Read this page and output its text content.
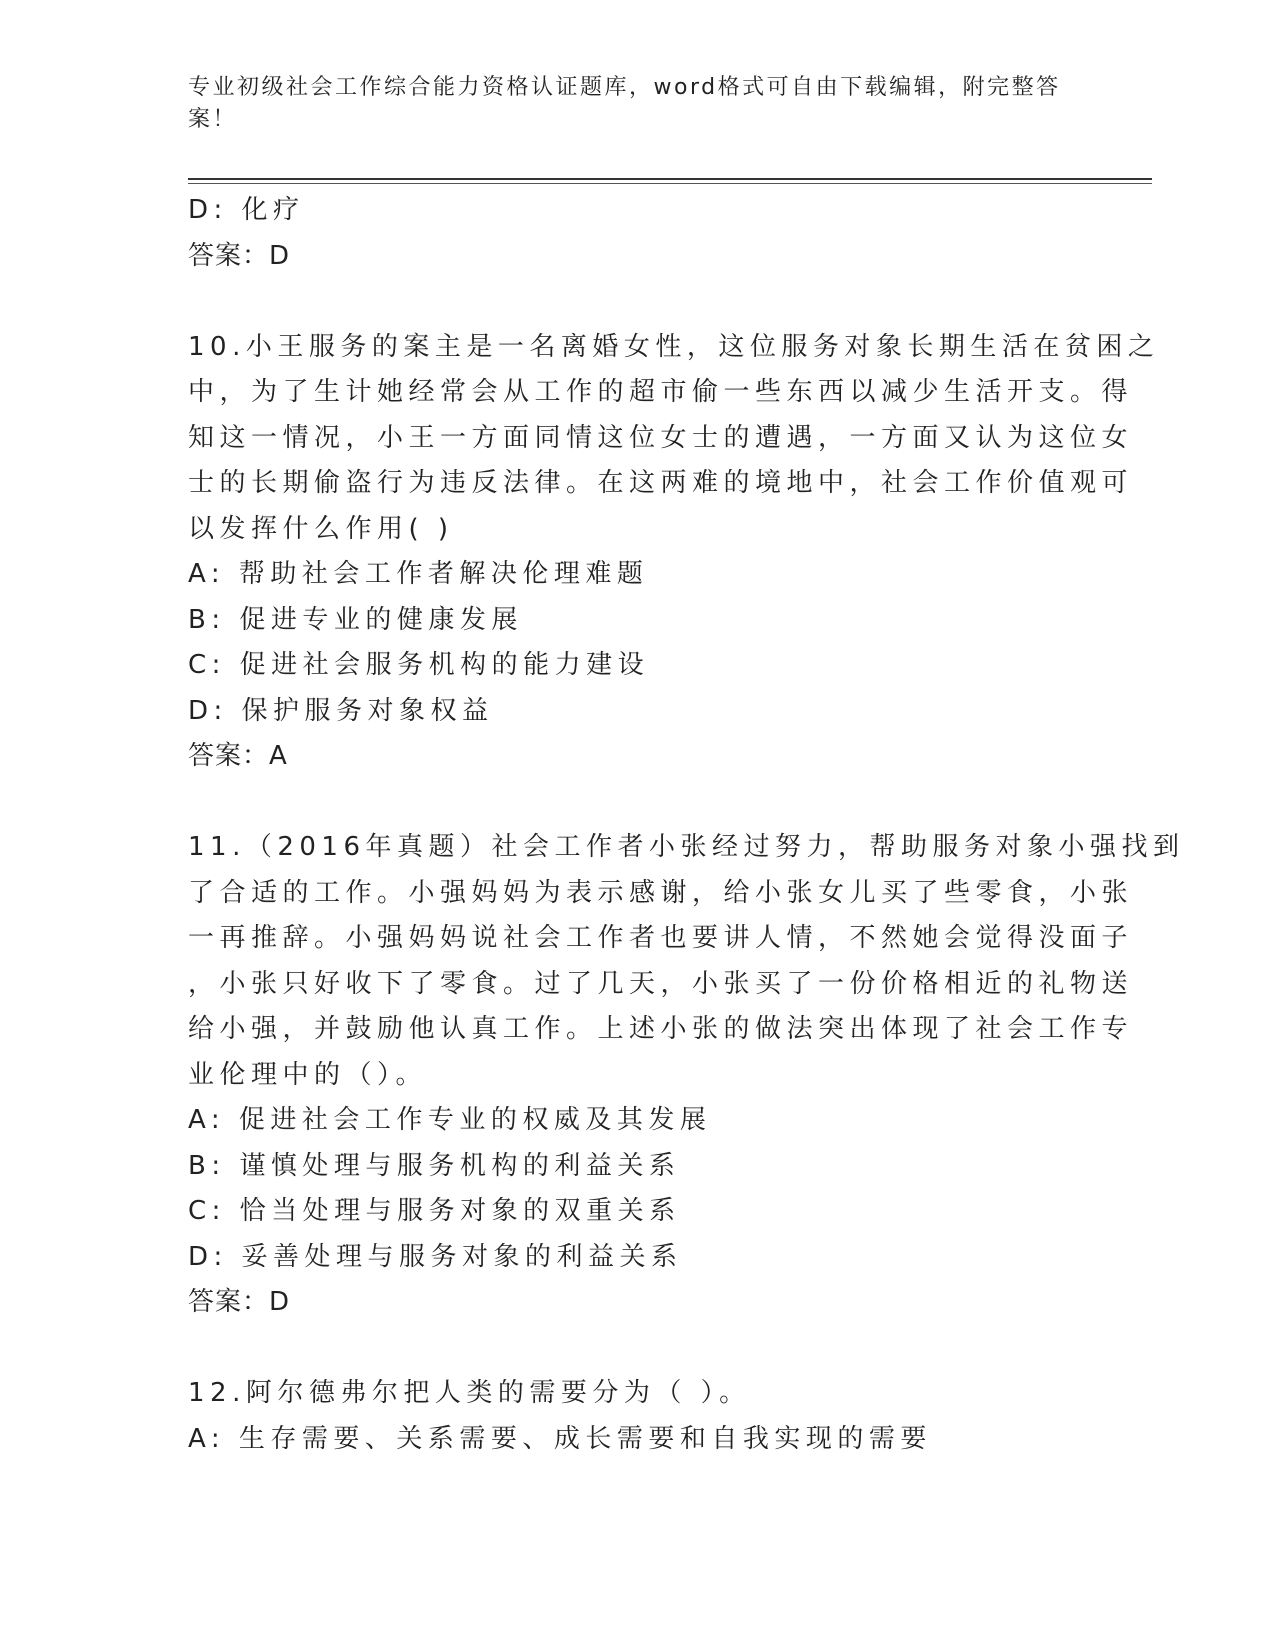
专业初级社会工作综合能力资格认证题库，word格式可自由下载编辑，附完整答
案！
D: 化疗
答案：D
10.小王服务的案主是一名离婚女性，这位服务对象长期生活在贫困之
中，为了生计她经常会从工作的超市偷一些东西以减少生活开支。得
知这一情况，小王一方面同情这位女士的遭遇，一方面又认为这位女
士的长期偷盗行为违反法律。在这两难的境地中，社会工作价值观可
以发挥什么作用( )
A: 帮助社会工作者解决伦理难题
B: 促进专业的健康发展
C: 促进社会服务机构的能力建设
D: 保护服务对象权益
答案：A
11.（2016年真题）社会工作者小张经过努力，帮助服务对象小强找到
了合适的工作。小强妈妈为表示感谢，给小张女儿买了些零食，小张
一再推辞。小强妈妈说社会工作者也要讲人情，不然她会觉得没面子
，小张只好收下了零食。过了几天，小张买了一份价格相近的礼物送
给小强，并鼓励他认真工作。上述小张的做法突出体现了社会工作专
业伦理中的（）。
A: 促进社会工作专业的权威及其发展
B: 谨慎处理与服务机构的利益关系
C: 恰当处理与服务对象的双重关系
D: 妥善处理与服务对象的利益关系
答案：D
12.阿尔德弗尔把人类的需要分为（ ）。
A: 生存需要、关系需要、成长需要和自我实现的需要
